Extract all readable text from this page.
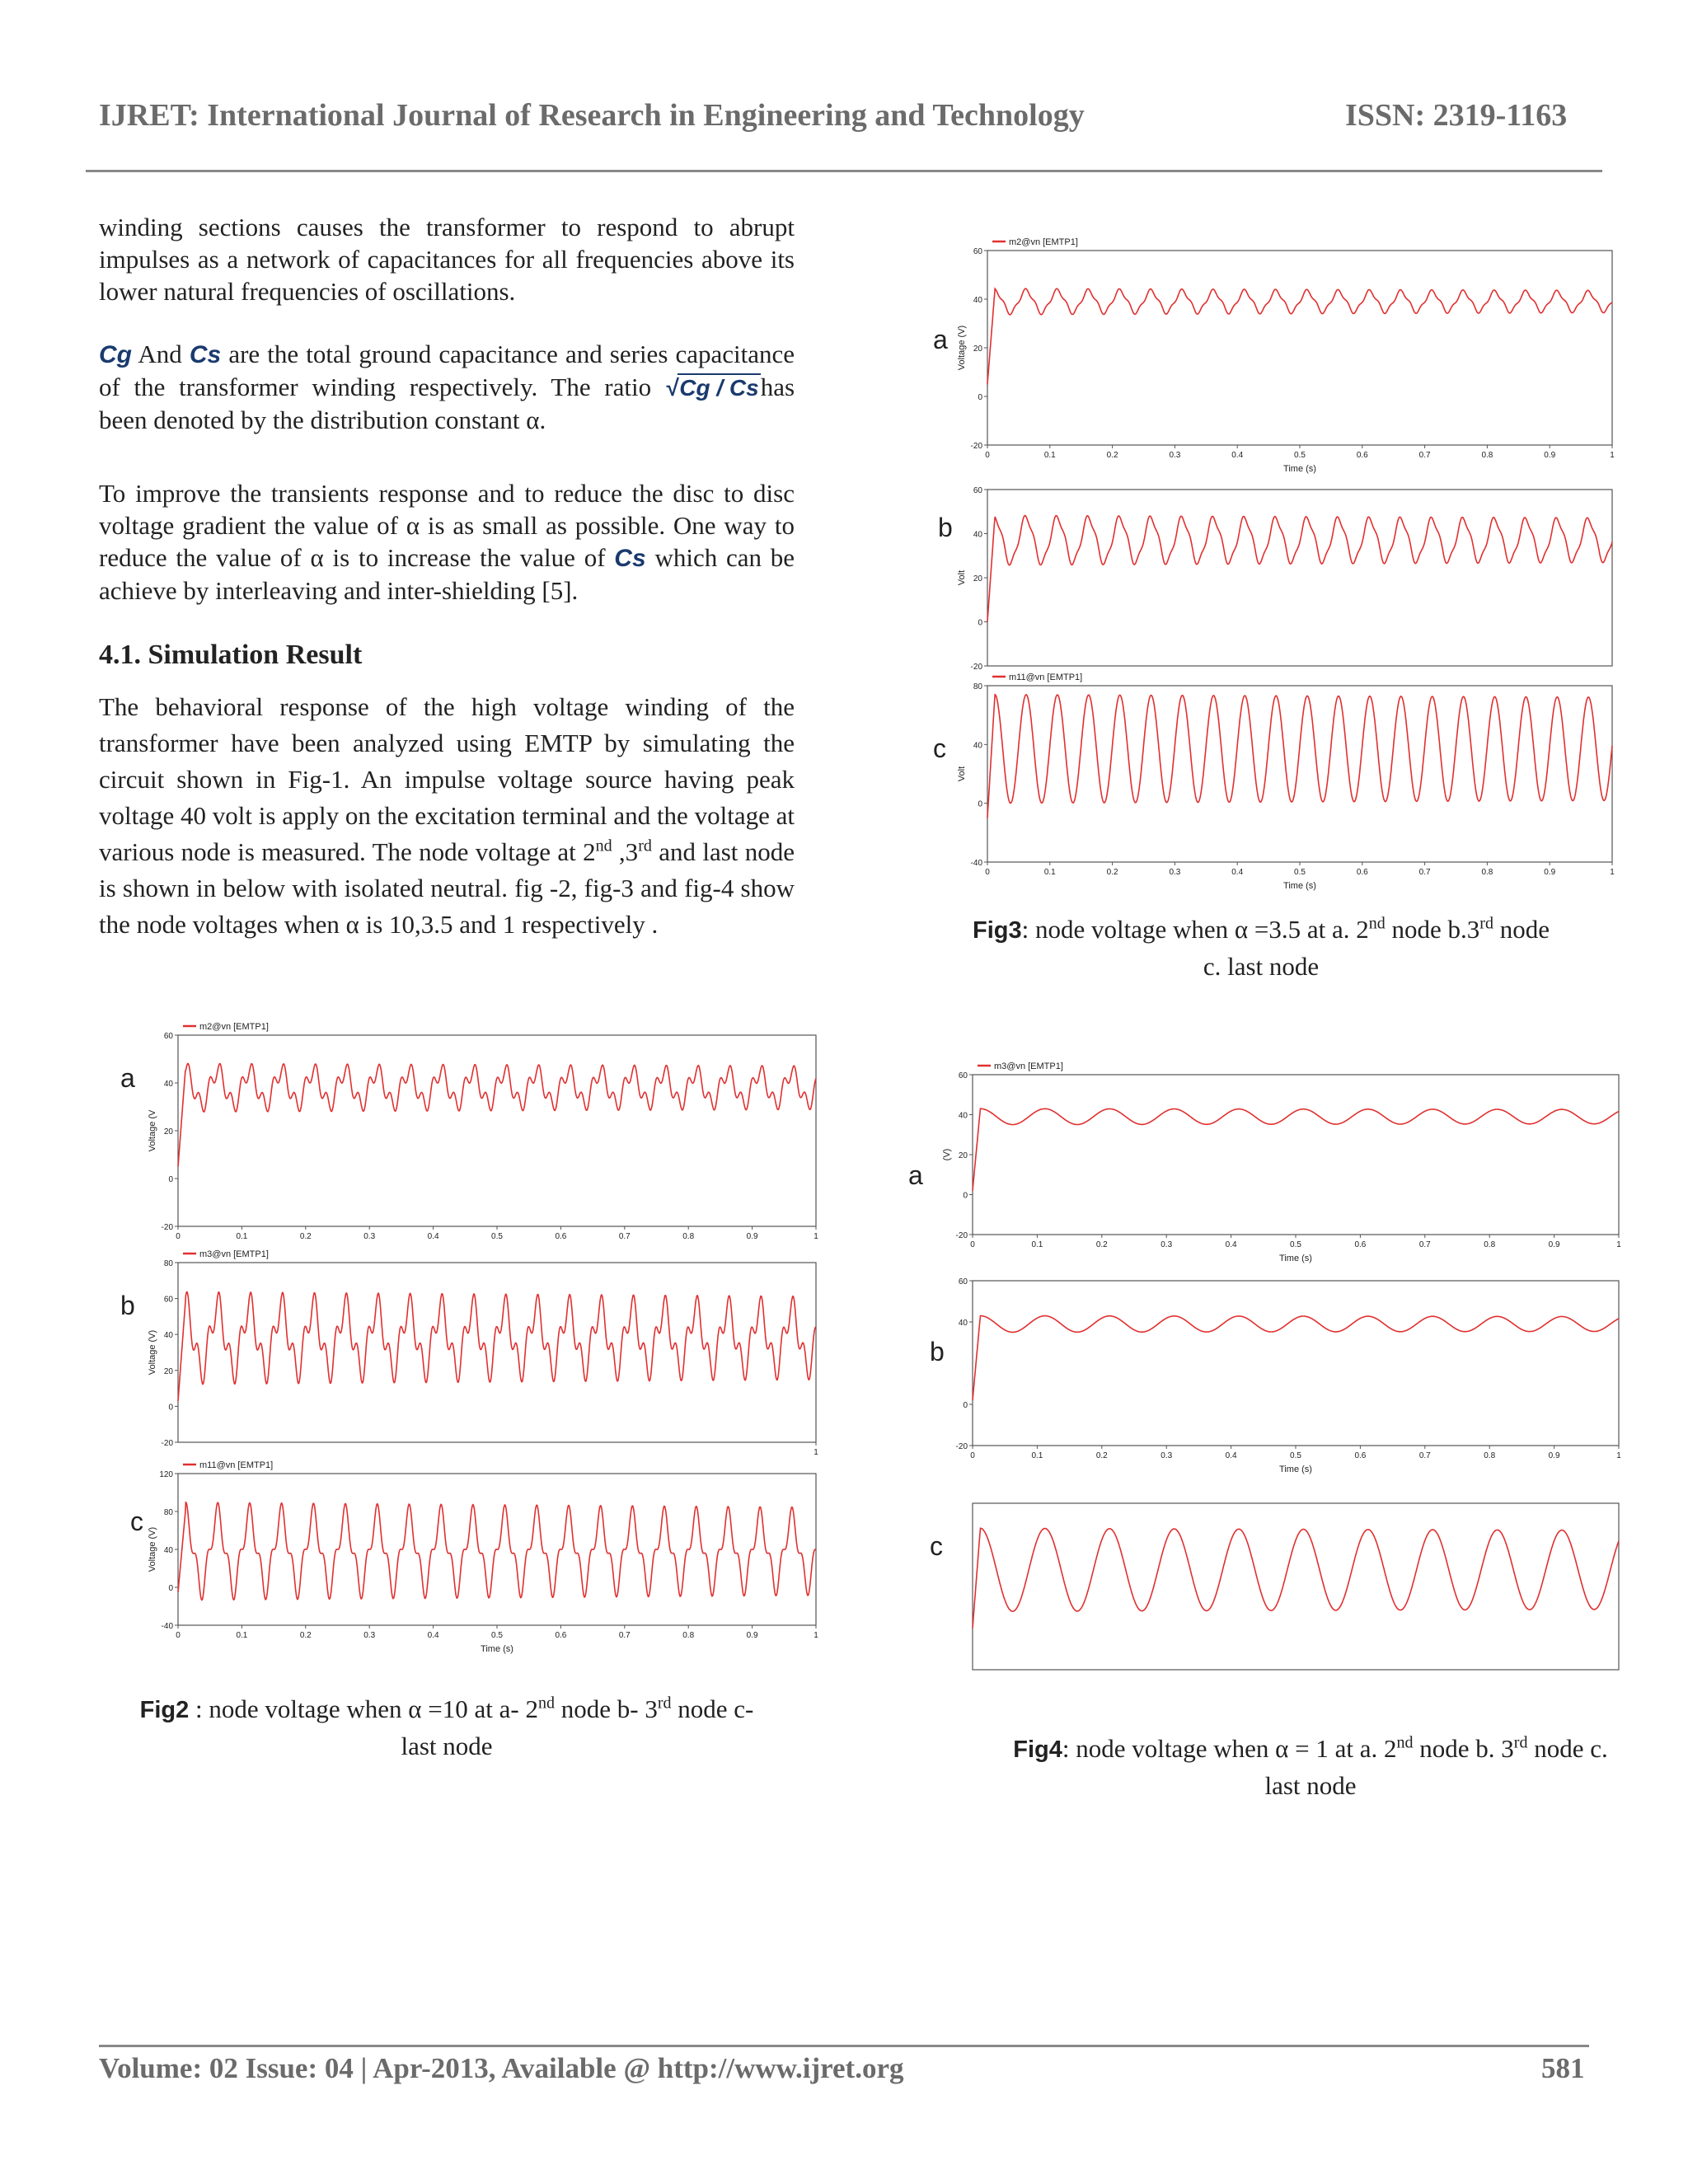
IJRET: International Journal of Research in Engineering and Technology	ISSN: 2319-1163
Volume: 02 Issue: 04 | Apr-2013, Available @ http://www.ijret.org	581
winding sections causes the transformer to respond to abrupt impulses as a network of capacitances for all frequencies above its lower natural frequencies of oscillations.
Cg And Cs are the total ground capacitance and series capacitance of the transformer winding respectively. The ratio √Cg / Cshas been denoted by the distribution constant α.
To improve the transients response and to reduce the disc to disc voltage gradient the value of α is as small as possible. One way to reduce the value of α is to increase the value of Cs which can be achieve by interleaving and inter-shielding [5].
4.1. Simulation Result
The behavioral response of the high voltage winding of the transformer have been analyzed using EMTP by simulating the circuit shown in Fig-1. An impulse voltage source having peak voltage 40 volt is apply on the excitation terminal and the voltage at various node is measured. The node voltage at 2nd ,3rd and last node is shown in below with isolated neutral. fig -2, fig-3 and fig-4 show the node voltages when α is 10,3.5 and 1 respectively .
a
b
c
a
b
c
a
b
c
m2@vn [EMTP1]
-20
0
20
40
60
0	0.1	0.2	0.3	0.4	0.5	0.6	0.7	0.8	0.9	1
Voltage (V
m3@vn [EMTP1]
-20
0
20
40
60
80
1
Voltage (V)
m11@vn [EMTP1]
-40
0
40
80
120
0	0.1	0.2	0.3	0.4	0.5	0.6	0.7	0.8	0.9	1
Time (s)
Voltage (V)
m2@vn [EMTP1]
-20
0
20
40
60
0	0.1	0.2	0.3	0.4	0.5	0.6	0.7	0.8	0.9	1
Time (s)
Voltage (V)
-20
0
20
40
60
Volt
m11@vn [EMTP1]
-40
0
40
80
0	0.1	0.2	0.3	0.4	0.5	0.6	0.7	0.8	0.9	1
Time (s)
Volt
m3@vn [EMTP1]
-20
0
20
40
60
0	0.1	0.2	0.3	0.4	0.5	0.6	0.7	0.8	0.9	1
Time (s)
(V)
-20
0
40
60
0	0.1	0.2	0.3	0.4	0.5	0.6	0.7	0.8	0.9	1
Time (s)
Fig2 : node voltage when α =10 at a- 2nd node b- 3rd node c-
last node
Fig3: node voltage when α =3.5 at a. 2nd node b.3rd node
c. last node
Fig4: node voltage when α = 1 at a. 2nd node b. 3rd node c.
last node
